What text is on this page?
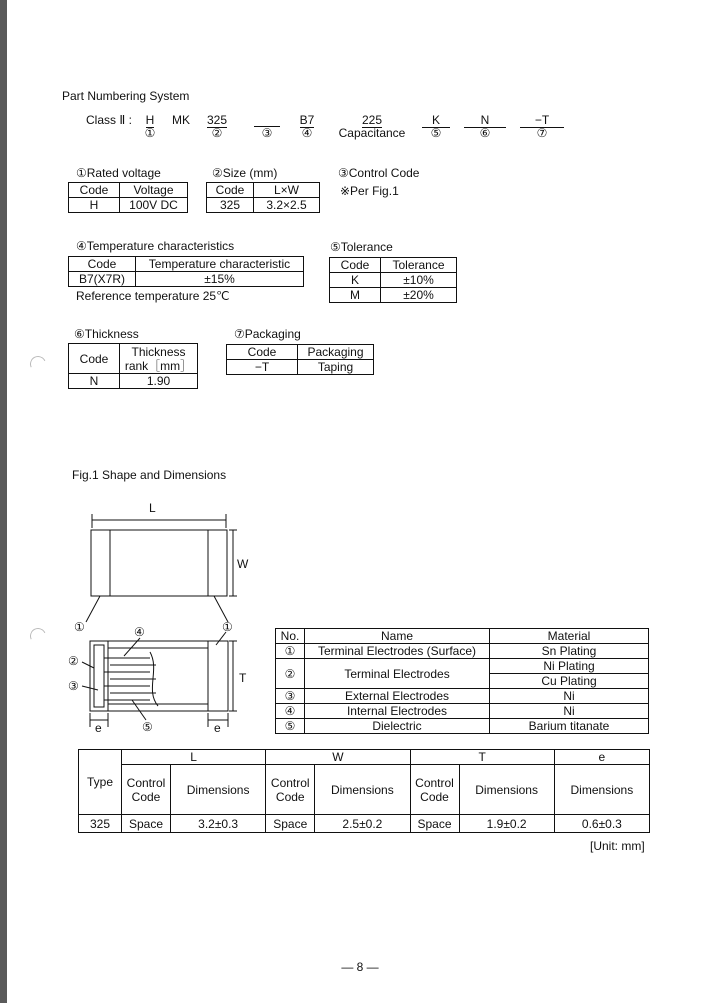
Part Numbering System
Class Ⅱ :	H
①
MK	325
②	③
B7
④
225
Capacitance
K
⑤
N
⑥
−T
⑦
①Rated voltage
Code	Voltage
H	100V DC
②Size (mm)
Code	L×W
325	3.2×2.5
③Control Code
※Per Fig.1
④Temperature characteristics
Code	Temperature characteristic
B7(X7R)	±15%
Reference temperature 25℃
⑤Tolerance
Code	Tolerance
K	±10%
M	±20%
⑥Thickness
Code	Thickness
rank［mm］

N	1.90
⑦Packaging
Code	Packaging
−T	Taping
Fig.1 Shape and Dimensions
L
W
T
e	e
①	①
④
②
③
⑤
No.	Name	Material
①	Terminal Electrodes (Surface)	Sn Plating
②	Terminal Electrodes	Ni Plating
		Cu Plating
③	External Electrodes	Ni
④	Internal Electrodes	Ni
⑤	Dielectric	Barium titanate
Type	L		W		T		e
	Control Code	Dimensions	Control Code	Dimensions	Control Code	Dimensions	Dimensions
325	Space	3.2±0.3	Space	2.5±0.2	Space	1.9±0.2	0.6±0.3
[Unit: mm]
― 8 ―
